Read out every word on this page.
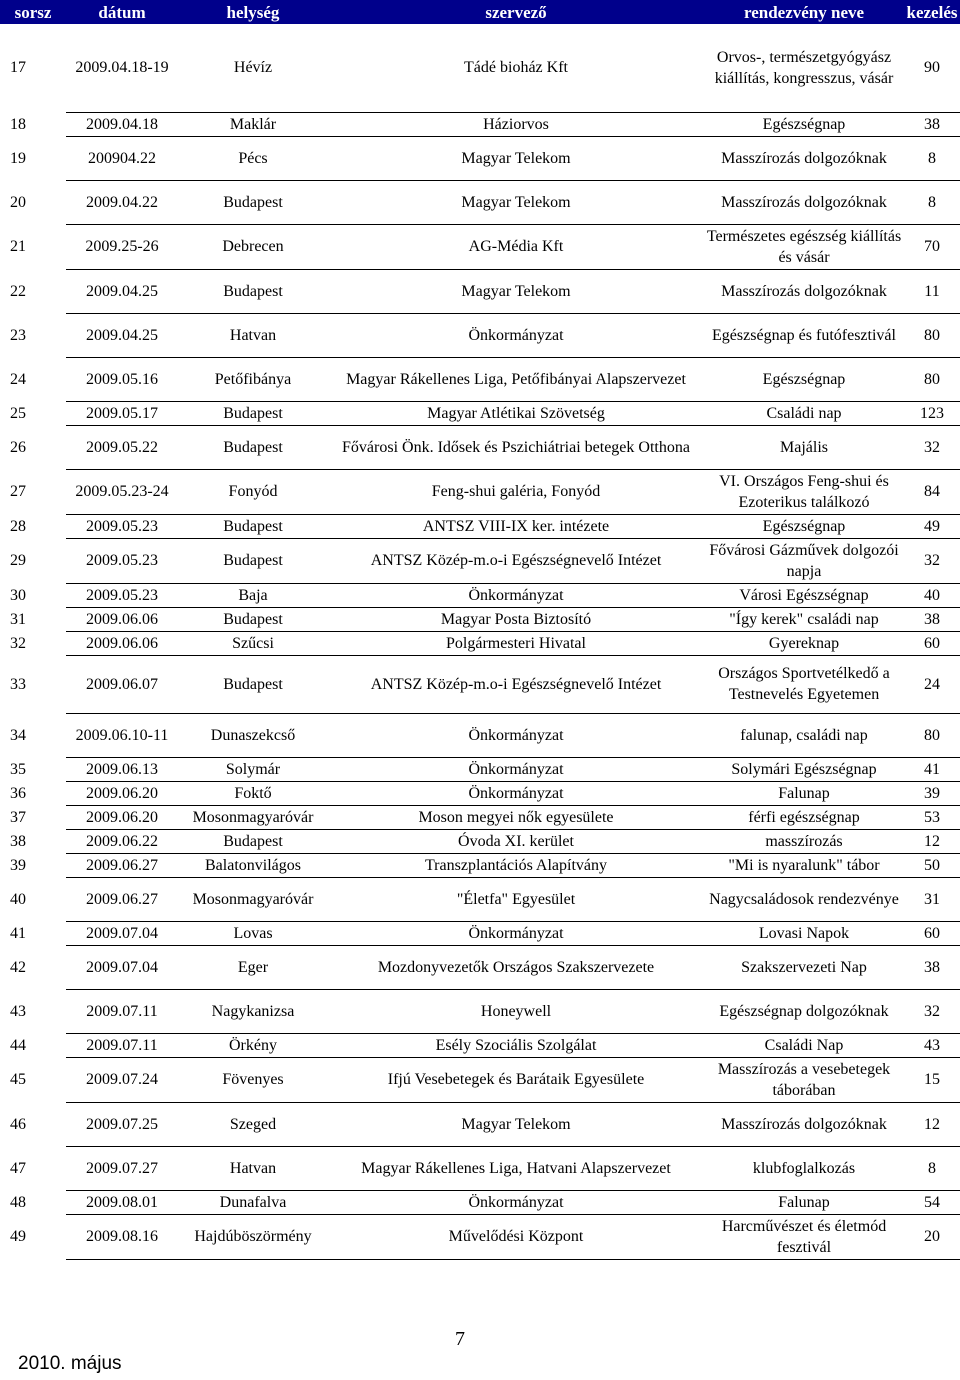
sorsz	dátum	helység	szervező	rendezvény neve	kezelés
17	2009.04.18-19	Hévíz	Tádé bioház Kft	Orvos-, természetgyógyász kiállítás, kongresszus, vásár	90
18	2009.04.18	Maklár	Háziorvos	Egészségnap	38
19	200904.22	Pécs	Magyar Telekom	Masszírozás dolgozóknak	8
20	2009.04.22	Budapest	Magyar Telekom	Masszírozás dolgozóknak	8
21	2009.25-26	Debrecen	AG-Média Kft	Természetes egészség kiállítás és vásár	70
22	2009.04.25	Budapest	Magyar Telekom	Masszírozás dolgozóknak	11
23	2009.04.25	Hatvan	Önkormányzat	Egészségnap és futófesztivál	80
24	2009.05.16	Petőfibánya	Magyar Rákellenes Liga, Petőfibányai Alapszervezet	Egészségnap	80
25	2009.05.17	Budapest	Magyar Atlétikai Szövetség	Családi nap	123
26	2009.05.22	Budapest	Fővárosi Önk. Idősek és Pszichiátriai betegek Otthona	Majális	32
27	2009.05.23-24	Fonyód	Feng-shui galéria, Fonyód	VI. Országos Feng-shui és Ezoterikus találkozó	84
28	2009.05.23	Budapest	ANTSZ VIII-IX ker. intézete	Egészségnap	49
29	2009.05.23	Budapest	ANTSZ Közép-m.o-i Egészségnevelő Intézet	Fővárosi Gázművek dolgozói napja	32
30	2009.05.23	Baja	Önkormányzat	Városi Egészségnap	40
31	2009.06.06	Budapest	Magyar Posta Biztosító	"Így kerek" családi nap	38
32	2009.06.06	Szűcsi	Polgármesteri Hivatal	Gyereknap	60
33	2009.06.07	Budapest	ANTSZ Közép-m.o-i Egészségnevelő Intézet	Országos Sportvetélkedő a Testnevelés Egyetemen	24
34	2009.06.10-11	Dunaszekcső	Önkormányzat	falunap, családi nap	80
35	2009.06.13	Solymár	Önkormányzat	Solymári Egészségnap	41
36	2009.06.20	Foktő	Önkormányzat	Falunap	39
37	2009.06.20	Mosonmagyaróvár	Moson megyei nők egyesülete	férfi egészségnap	53
38	2009.06.22	Budapest	Óvoda XI. kerület	masszírozás	12
39	2009.06.27	Balatonvilágos	Transzplantációs Alapítvány	"Mi is nyaralunk" tábor	50
40	2009.06.27	Mosonmagyaróvár	"Életfa" Egyesület	Nagycsaládosok rendezvénye	31
41	2009.07.04	Lovas	Önkormányzat	Lovasi Napok	60
42	2009.07.04	Eger	Mozdonyvezetők Országos Szakszervezete	Szakszervezeti Nap	38
43	2009.07.11	Nagykanizsa	Honeywell	Egészségnap dolgozóknak	32
44	2009.07.11	Örkény	Esély Szociális Szolgálat	Családi Nap	43
45	2009.07.24	Fövenyes	Ifjú Vesebetegek és Barátaik Egyesülete	Masszírozás a vesebetegek táborában	15
46	2009.07.25	Szeged	Magyar Telekom	Masszírozás dolgozóknak	12
47	2009.07.27	Hatvan	Magyar Rákellenes Liga, Hatvani Alapszervezet	klubfoglalkozás	8
48	2009.08.01	Dunafalva	Önkormányzat	Falunap	54
49	2009.08.16	Hajdúböszörmény	Művelődési Központ	Harcművészet és életmód fesztivál	20
7
2010. május
